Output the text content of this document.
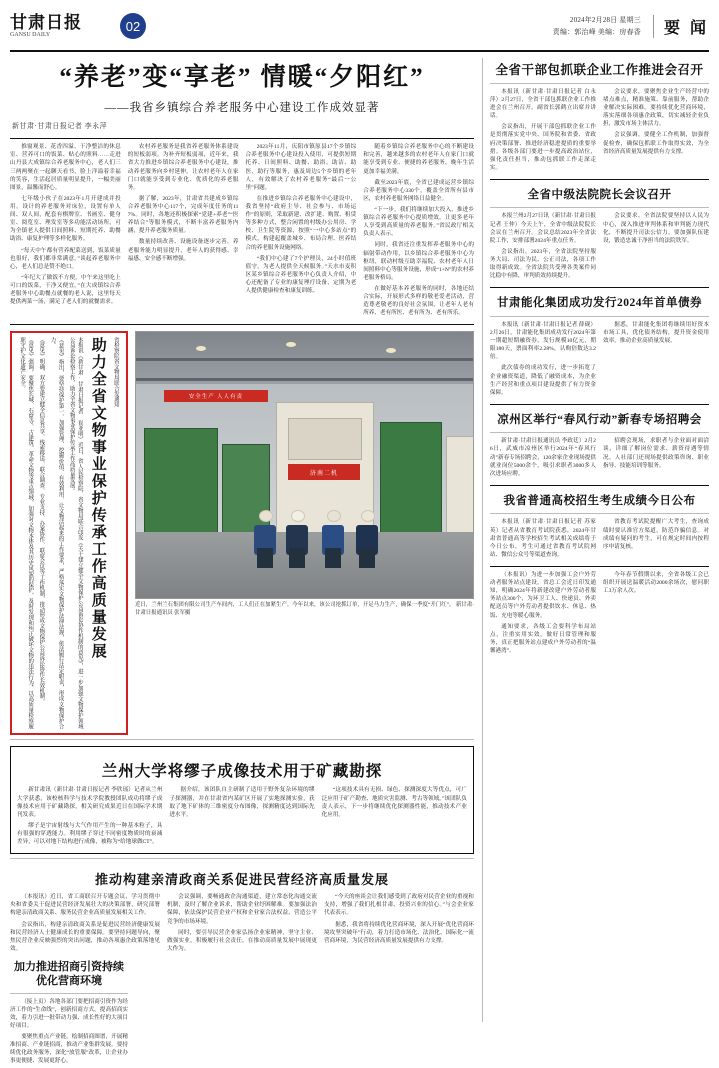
甘肃日报
GANSU DAILY
02	2024年2月28日 星期三
责编：郭治峰 美编：房春香	要 闻
“养老”变“享老” 情暖“夕阳红”
——我省乡镇综合养老服务中心建设工作成效显著
新甘肃·甘肃日报记者 李永萍

推窗观景、花香四溢、干净整洁的休息室、营养可口的饭菜、贴心的照料……走进山丹县大成镇综合养老服务中心，老人们三三两两聚在一起聊天看书，脸上洋溢着幸福的笑容，生活起居质量明显提升，一幅美丽图景，温馨而舒心。

七年级小伙子在2023年1月开建成并投用，设计的养老服务对床位，设置有单人间、双人间，配套有棋牌室、书画室、健身室、阅览室、理发室等多功能活动场所，可为全镇老人提供日间照料、短期托养、助餐助浴、康复护理等多样化服务。

“每天中午都有营养配菜送到，饭菜质量也很好，我们都非常满意。”谈起养老服务中心，老人们总是赞不绝口。

“年纪大了做饭不方便，中午来这里吃上可口的饭菜，干净又便宜。”在大成镇综合养老服务中心助餐点就餐的老人说，这里每天提供两菜一汤，满足了老人们的就餐需求。

农村养老服务是我省养老服务体系建设的短板弱项。为补齐短板弱项，近年来，我省大力推进乡镇综合养老服务中心建设，推动养老服务向乡村延伸，让农村老年人在家门口就能享受到专业化、优质化的养老服务。

据了解，2023年，甘肃省共建成乡镇综合养老服务中心117个，完成年度任务的117%。同时，各地还积极探索“党建+养老”“医养结合”等服务模式，不断丰富养老服务内涵，提升养老服务质量。

数量持续改善、设施设备逐步完善，养老服务能力明显提升，老年人的获得感、幸福感、安全感不断增强。

2023年11月，庆阳市镇原县17个乡镇综合养老服务中心建设投入使用，可提供短期托养、日间照料、助餐、助浴、助洁、助医、助行等服务，惠及周边5个乡镇的老年人，有效解决了农村养老服务“最后一公里”问题。

在推进乡镇综合养老服务中心建设中，我省坚持“政府主导、社会参与、市场运作”的原则，采取新建、改扩建、购置、租赁等多种方式，整合闲置的村级办公用房、学校、卫生院等资源，按照“一中心多站点”的模式，构建起覆盖城乡、布局合理、医养结合的养老服务设施网络。

“我们中心建了7个护理员，24小时值班值守，为老人提供全天候服务。”天水市麦积区某乡镇综合养老服务中心负责人介绍，中心还配备了专业的康复理疗设备，定期为老人提供健康检查和康复训练。

随着乡镇综合养老服务中心的不断建设和完善，越来越多的农村老年人在家门口就能享受到专业、便捷的养老服务，晚年生活更加幸福美满。

截至2023年底，全省已建成运营乡镇综合养老服务中心330个，覆盖全省所有县市区，农村养老服务网络日益健全。

“下一步，我们将继续加大投入，推进乡镇综合养老服务中心提质增效，让更多老年人享受到高质量的养老服务。”省民政厅相关负责人表示。

同时，我省还注重发挥养老服务中心的辐射带动作用，以乡镇综合养老服务中心为枢纽，联动村级互助幸福院、农村老年人日间照料中心等服务设施，形成“1+N”的农村养老服务格局。

在做好基本养老服务的同时，各地还结合实际，开展形式多样的敬老爱老活动，营造尊老敬老的良好社会氛围，让老年人老有所养、老有所医、老有所为、老有所乐。

省检察院省文物局联合发通知

助力全省文物事业保护传承工作高质量发展

本报讯（新甘肃·甘肃日报记者 崔亚明）近日，省人民检察院、省文物局联合印发《关于建立健全文物保护公益诉讼协作机制的意见》，进一步加强文物保护领域公益诉讼检察工作，助力全省文物事业保护传承工作高质量发展。

《意见》指出，要坚持保护第一、加强管理、挖掘价值、有效利用、让文物活起来的工作要求，严格落实文物保护法律法规，依法履行法定职责，形成文物保护合力。

《意见》明确，双方要建立健全信息共享、线索移送、联合调查、专业支持、办案协作、联席会议等工作机制，推动形成文物保护公益诉讼协作长效机制。

《意见》强调，要聚焦长城、石窟寺、古建筑、革命文物等重点领域，加强对文物本体及其历史风貌的保护，及时发现和纠正破坏文物的违法行为，以高质量检察履职守护文化遗产安全。

济南二机
安全生产 人人有责
近日，兰州兰石集团有限公司生产车间内，工人们正在加紧生产。今年以来，该公司抢抓订单，开足马力生产，确保一季度“开门红”。 新甘肃·甘肃日报通讯员 张军摄
兰州大学将缪子成像技术用于矿藏勘探

新甘肃讯（新甘肃·甘肃日报记者 李欣瑶）记者从兰州大学获悉，该校核科学与技术学院教授团队成功将缪子成像技术应用于矿藏勘探，相关研究成果近日在国际学术期刊发表。

缪子是宇宙射线与大气作用产生的一种基本粒子，具有很强的穿透能力。利用缪子穿过不同密度物质时的衰减差异，可以对地下结构进行成像，被称为“给地球做CT”。

据介绍，该团队自主研制了适用于野外复杂环境的缪子探测器，并在甘肃省内某矿区开展了实地探测实验，获取了地下矿体的三维密度分布图像，探测精度达到国际先进水平。

“这项技术具有无损、绿色、探测深度大等优点，可广泛应用于矿产勘查、地质灾害监测、考古等领域。”该团队负责人表示，下一步将继续优化探测器性能，推动技术产业化应用。

推动构建亲清政商关系促进民营经济高质量发展

（本报讯）近日，省工商联召开专题会议，学习贯彻中央和省委关于促进民营经济发展壮大的决策部署，研究部署构建亲清政商关系、服务民营企业高质量发展相关工作。

会议指出，构建亲清政商关系是促进民营经济健康发展和民营经济人士健康成长的重要保障。要坚持问题导向，聚焦民营企业反映强烈的突出问题，推动各项惠企政策落地见效。

会议强调，要畅通政企沟通渠道，建立常态化沟通交流机制，及时了解企业诉求，帮助企业纾困解难。要加强法治保障，依法保护民营企业产权和企业家合法权益，营造公平竞争的市场环境。

同时，要引导民营企业家弘扬企业家精神，坚守主业、做强实业，积极履行社会责任，在推动高质量发展中展现更大作为。

“今天的座谈会让我们感受到了政府对民营企业的重视和支持，增强了我们扎根甘肃、投资兴业的信心。”与会企业家代表表示。

据悉，我省将持续优化营商环境，深入开展“优化营商环境攻坚突破年”行动，着力打造市场化、法治化、国际化一流营商环境，为民营经济高质量发展提供有力支撑。

加力推进招商引资持续优化营商环境

（接上页）各地各部门要把招商引资作为经济工作的“生命线”，创新招商方式，提高招商实效，着力引进一批带动力强、成长性好的大项目好项目。

要聚焦重点产业链，绘制招商图谱，开展精准招商、产业链招商，推动产业集群发展。要持续优化政务服务，深化“放管服”改革，让企业办事更便捷、发展更舒心。

全省干部包抓联企业工作推进会召开

本报讯（新甘肃·甘肃日报记者 白永萍）2月27日，全省干部包抓联企业工作推进会在兰州召开。副省长郭鹤立出席并讲话。

会议指出，开展干部包抓联企业工作是贯彻落实党中央、国务院和省委、省政府决策部署、推进经济稳进提质的重要举措。各级各部门要进一步提高政治站位，强化责任担当，推动包抓联工作走深走实。

会议要求，要聚焦企业生产经营中的堵点难点，精准施策、靠前服务，帮助企业解决实际困难。要持续优化营商环境，落实落细各项惠企政策，切实减轻企业负担，激发市场主体活力。

会议强调，要健全工作机制，加强督促检查，确保包抓联工作取得实效，为全省经济高质量发展提供有力支撑。

全省中级法院院长会议召开

本报兰州2月27日讯（新甘肃·甘肃日报记者 王仲）今天上午，全省中级法院院长会议在兰州召开。会议总结2023年全省法院工作，安排部署2024年重点任务。

会议指出，2023年，全省法院坚持服务大局、司法为民、公正司法，各项工作取得新成效。全省法院共受理各类案件同比稳中有降，审判质效持续提升。

会议要求，全省法院要坚持以人民为中心，深入推进审判体系和审判能力现代化，不断提升司法公信力。要加强队伍建设，锻造忠诚干净担当的法院铁军。

甘肃能化集团成功发行2024年首单债券

本报讯（新甘肃·甘肃日报记者 薛砚）2月26日，甘肃能化集团成功发行2024年第一期超短期融资券，发行规模10亿元，期限180天，票面利率2.28%，认购倍数达3.2倍。

此次债券的成功发行，进一步拓宽了企业融资渠道，降低了融资成本，为企业生产经营和重点项目建设提供了有力资金保障。

据悉，甘肃能化集团将继续用好资本市场工具，优化债务结构，提升资金使用效率，推动企业高质量发展。

凉州区举行“春风行动”新春专场招聘会

新甘肃·甘肃日报通讯员 李政廷）2月26日，武威市凉州区举行2024年“春风行动”新春专场招聘会，120余家企业现场提供就业岗位5000余个，吸引求职者3000多人次进场应聘。

招聘会现场，求职者与企业面对面洽谈，详细了解岗位需求、薪资待遇等情况。人社部门还现场提供政策咨询、职业指导、技能培训等服务。

我省普通高校招生考生成绩今日公布

本报讯（新甘肃·甘肃日报记者 苏家英）记者从省教育考试院获悉，2024年甘肃省普通高等学校招生考试相关成绩将于今日公布，考生可通过省教育考试院网站、微信公众号等渠道查询。

省教育考试院提醒广大考生，查询成绩时要认准官方渠道，防范诈骗信息。对成绩有疑问的考生，可在规定时间内按程序申请复核。

（本报讯）为进一步加强工会户外劳动者服务站点建设，省总工会近日印发通知，明确2024年将新建改建户外劳动者服务站点300个，为环卫工人、快递员、外卖配送员等户外劳动者提供饮水、休息、热饭、充电等暖心服务。

通知要求，各级工会要科学布局站点，注重实用实效，做好日常管理和服务，真正把服务站点建成户外劳动者的“温馨港湾”。

今年春节假期以来，全省各级工会已组织开展送温暖活动2000余场次，慰问职工3万余人次。
